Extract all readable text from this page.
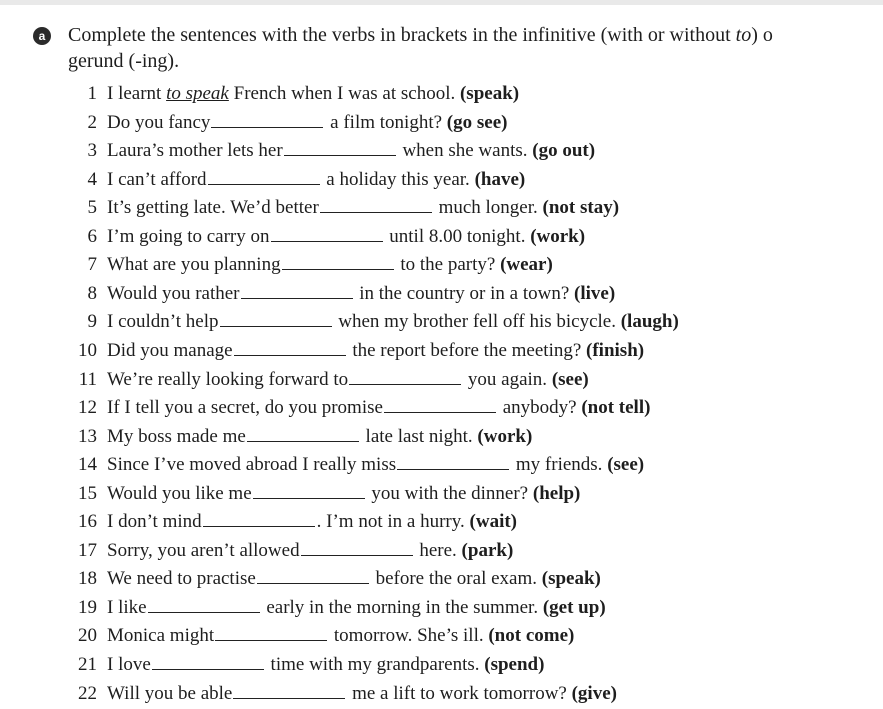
a Complete the sentences with the verbs in brackets in the infinitive (with or without to) o
gerund (-ing).
1 I learnt to speak French when I was at school. (speak)
2 Do you fancy	a film tonight? (go see)
3 Laura’s mother lets her	when she wants. (go out)
4 I can’t afford	a holiday this year. (have)
5 It’s getting late. We’d better	much longer. (not stay)
6 I’m going to carry on	until 8.00 tonight. (work)
7 What are you planning	to the party? (wear)
8 Would you rather	in the country or in a town? (live)
9 I couldn’t help	when my brother fell off his bicycle. (laugh)
10 Did you manage	the report before the meeting? (finish)
11 We’re really looking forward to	you again. (see)
12 If I tell you a secret, do you promise	anybody? (not tell)
13 My boss made me	late last night. (work)
14 Since I’ve moved abroad I really miss	my friends. (see)
15 Would you like me	you with the dinner? (help)
16 I don’t mind	. I’m not in a hurry. (wait)
17 Sorry, you aren’t allowed	here. (park)
18 We need to practise	before the oral exam. (speak)
19 I like	early in the morning in the summer. (get up)
20 Monica might	tomorrow. She’s ill. (not come)
21 I love	time with my grandparents. (spend)
22 Will you be able	me a lift to work tomorrow? (give)
